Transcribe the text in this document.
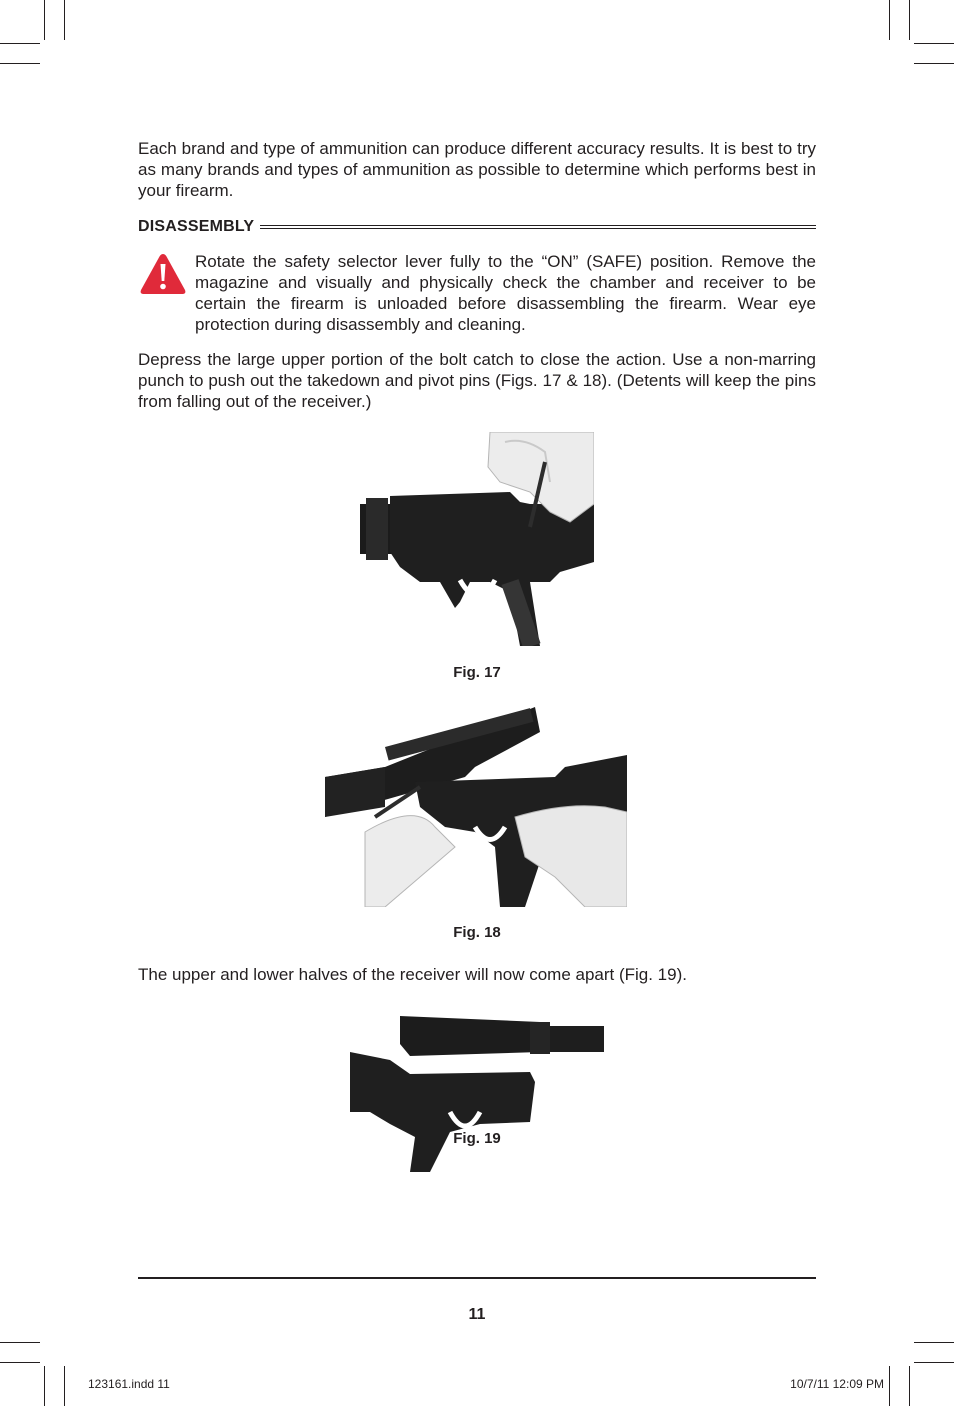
Each brand and type of ammunition can produce different accuracy results. It is best to try as many brands and types of ammunition as possible to determine which performs best in your firearm.

DISASSEMBLY

Rotate the safety selector lever fully to the “ON” (SAFE) position. Remove the magazine and visually and physically check the chamber and receiver to be certain the firearm is unloaded before disassembling the firearm. Wear eye protection during disassembly and cleaning.

Depress the large upper portion of the bolt catch to close the action. Use a non-marring punch to push out the takedown and pivot pins (Figs. 17 & 18). (Detents will keep the pins from falling out of the receiver.)

Fig. 17
Fig. 18

The upper and lower halves of the receiver will now come apart (Fig. 19).

Fig. 19
11
123161.indd 11	10/7/11 12:09 PM
